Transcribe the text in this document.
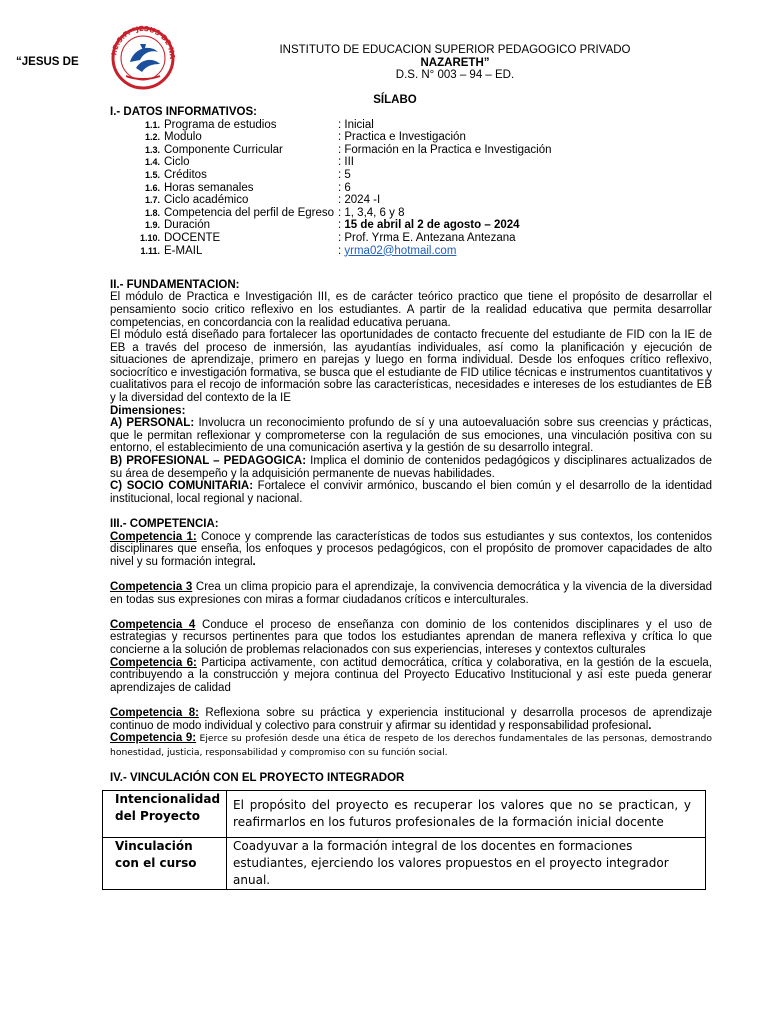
“JESUS DE
I.E.S.P. "JESUS DE NA
INSTITUTO DE EDUCACION SUPERIOR PEDAGOGICO PRIVADO
NAZARETH”
D.S. N° 003 – 94 – ED.
SÍLABO
I.- DATOS INFORMATIVOS:
1.1. Programa de estudios	: Inicial
1.2. Modulo	: Practica e Investigación
1.3. Componente Curricular	: Formación en la Practica e Investigación
1.4. Ciclo	: III
1.5. Créditos	: 5
1.6. Horas semanales	: 6
1.7. Ciclo académico	: 2024 -I
1.8. Competencia del perfil de Egreso : 1, 3,4, 6 y 8
1.9. Duración	: 15 de abril al 2 de agosto – 2024
1.10. DOCENTE	: Prof. Yrma E. Antezana Antezana
1.11. E-MAIL	: yrma02@hotmail.com
II.- FUNDAMENTACION:

El módulo de Practica e Investigación III, es de carácter teórico practico que tiene el propósito de desarrollar el pensamiento socio critico reflexivo en los estudiantes. A partir de la realidad educativa que permita desarrollar competencias, en concordancia con la realidad educativa peruana.

El módulo está diseñado para fortalecer las oportunidades de contacto frecuente del estudiante de FID con la IE de EB a través del proceso de inmersión, las ayudantías individuales, así como la planificación y ejecución de situaciones de aprendizaje, primero en parejas y luego en forma individual. Desde los enfoques crítico reflexivo, sociocrítico e investigación formativa, se busca que el estudiante de FID utilice técnicas e instrumentos cuantitativos y cualitativos para el recojo de información sobre las características, necesidades e intereses de los estudiantes de EB y la diversidad del contexto de la IE

Dimensiones:

A) PERSONAL: Involucra un reconocimiento profundo de sí y una autoevaluación sobre sus creencias y prácticas, que le permitan reflexionar y comprometerse con la regulación de sus emociones, una vinculación positiva con su entorno, el establecimiento de una comunicación asertiva y la gestión de su desarrollo integral.

B) PROFESIONAL – PEDAGOGICA: Implica el dominio de contenidos pedagógicos y disciplinares actualizados de su área de desempeño y la adquisición permanente de nuevas habilidades.

C) SOCIO COMUNITARIA: Fortalece el convivir armónico, buscando el bien común y el desarrollo de la identidad institucional, local regional y nacional.

III.- COMPETENCIA:

Competencia 1: Conoce y comprende las características de todos sus estudiantes y sus contextos, los contenidos disciplinares que enseña, los enfoques y procesos pedagógicos, con el propósito de promover capacidades de alto nivel y su formación integral.

Competencia 3 Crea un clima propicio para el aprendizaje, la convivencia democrática y la vivencia de la diversidad en todas sus expresiones con miras a formar ciudadanos críticos e interculturales.

Competencia 4 Conduce el proceso de enseñanza con dominio de los contenidos disciplinares y el uso de estrategias y recursos pertinentes para que todos los estudiantes aprendan de manera reflexiva y crítica lo que concierne a la solución de problemas relacionados con sus experiencias, intereses y contextos culturales

Competencia 6: Participa activamente, con actitud democrática, crítica y colaborativa, en la gestión de la escuela, contribuyendo a la construcción y mejora continua del Proyecto Educativo Institucional y así este pueda generar aprendizajes de calidad

Competencia 8: Reflexiona sobre su práctica y experiencia institucional y desarrolla procesos de aprendizaje continuo de modo individual y colectivo para construir y afirmar su identidad y responsabilidad profesional.

Competencia 9: Ejerce su profesión desde una ética de respeto de los derechos fundamentales de las personas, demostrando honestidad, justicia, responsabilidad y compromiso con su función social.

IV.- VINCULACIÓN CON EL PROYECTO INTEGRADOR
Intencionalidad del Proyecto	El propósito del proyecto es recuperar los valores que no se practican, y reafirmarlos en los futuros profesionales de la formación inicial docente
Vinculación con el curso	Coadyuvar a la formación integral de los docentes en formaciones estudiantes, ejerciendo los valores propuestos en el proyecto integrador anual.
